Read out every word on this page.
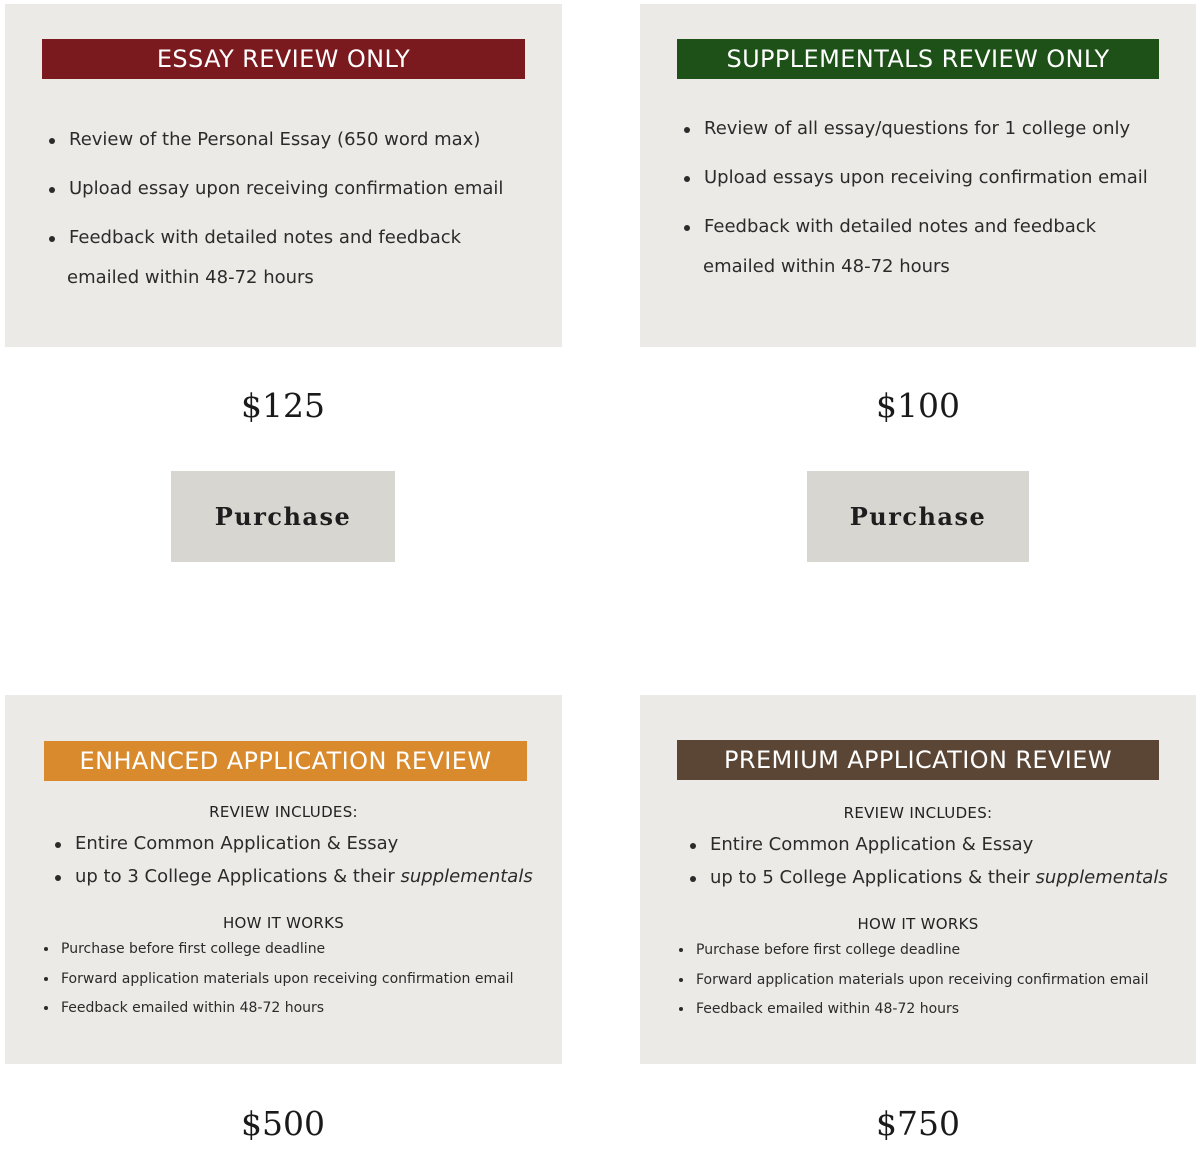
ESSAY REVIEW ONLY
Review of the Personal Essay (650 word max)
Upload essay upon receiving confirmation email
Feedback with detailed notes and feedback
emailed within 48-72 hours
$125
Purchase
SUPPLEMENTALS REVIEW ONLY
Review of all essay/questions for 1 college only
Upload essays upon receiving confirmation email
Feedback with detailed notes and feedback
emailed within 48-72 hours
$100
Purchase
ENHANCED APPLICATION REVIEW
REVIEW INCLUDES:
Entire Common Application & Essay
up to 3 College Applications & their supplementals
HOW IT WORKS
Purchase before first college deadline
Forward application materials upon receiving confirmation email
Feedback emailed within 48-72 hours
$500
PREMIUM APPLICATION REVIEW
REVIEW INCLUDES:
Entire Common Application & Essay
up to 5 College Applications & their supplementals
HOW IT WORKS
Purchase before first college deadline
Forward application materials upon receiving confirmation email
Feedback emailed within 48-72 hours
$750
